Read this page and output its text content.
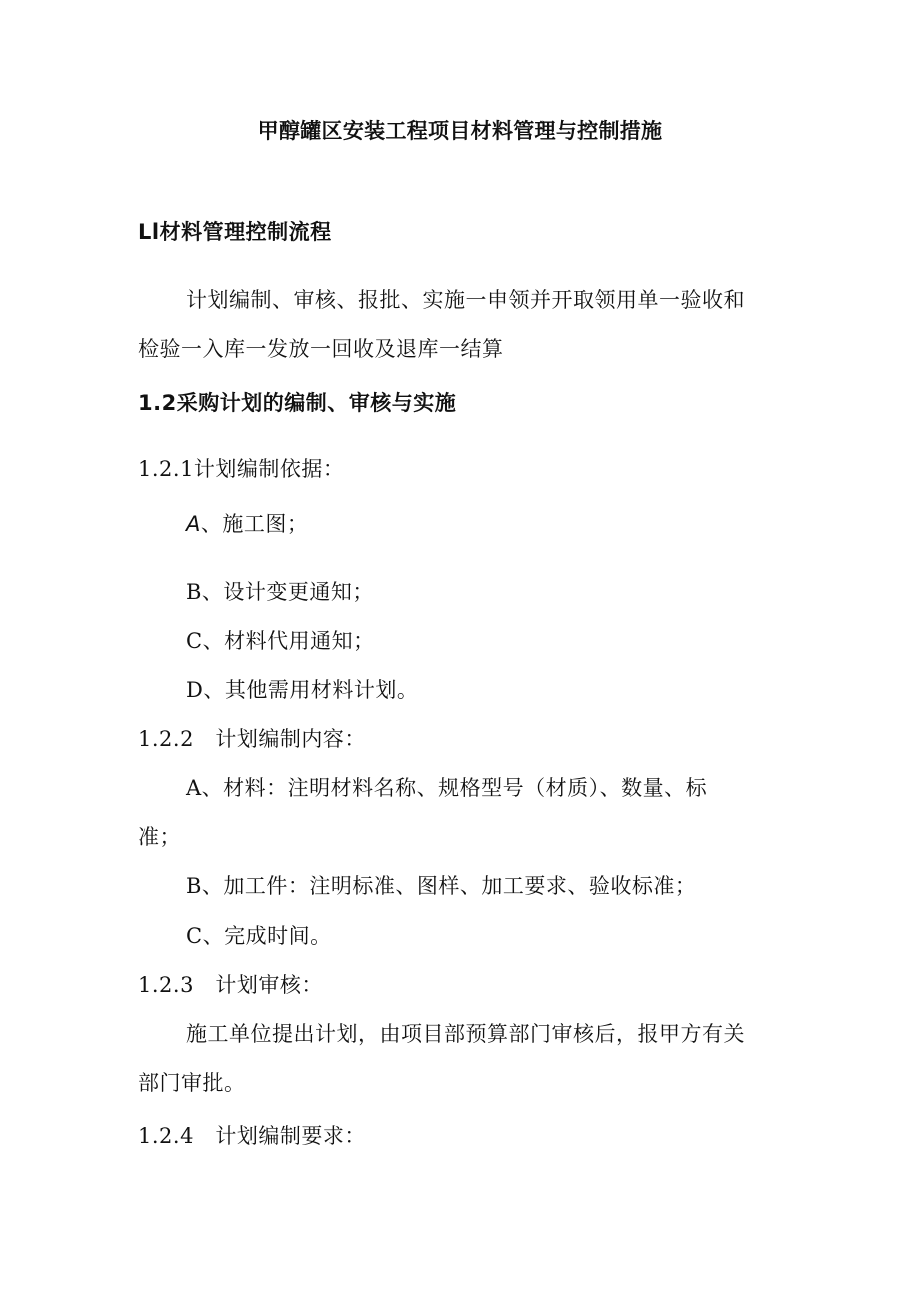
甲醇罐区安装工程项目材料管理与控制措施
Ll材料管理控制流程
计划编制、审核、报批、实施一申领并开取领用单一验收和
检验一入库一发放一回收及退库一结算
1.2采购计划的编制、审核与实施
1.2.1计划编制依据：
A、施工图；
B、设计变更通知；
C、材料代用通知；
D、其他需用材料计划。
1.2.2　计划编制内容：
A、材料：注明材料名称、规格型号（材质）、数量、标
准；
B、加工件：注明标准、图样、加工要求、验收标准；
C、完成时间。
1.2.3　计划审核：
施工单位提出计划，由项目部预算部门审核后，报甲方有关
部门审批。
1.2.4　计划编制要求：
